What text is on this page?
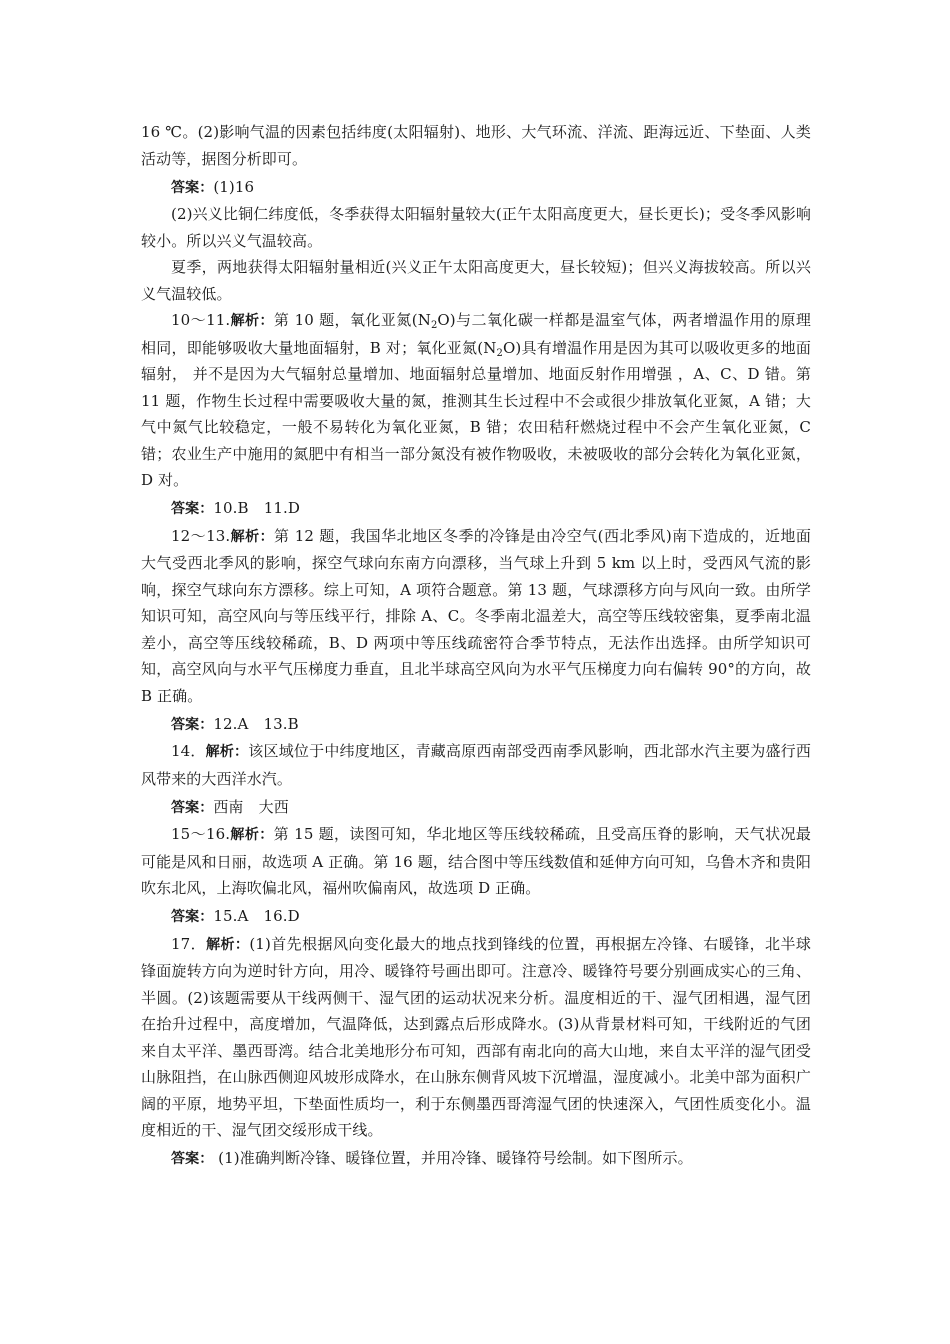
16 ℃。(2)影响气温的因素包括纬度(太阳辐射)、地形、大气环流、洋流、距海远近、下垫面、人类活动等，据图分析即可。

答案：(1)16

(2)兴义比铜仁纬度低，冬季获得太阳辐射量较大(正午太阳高度更大，昼长更长)；受冬季风影响较小。所以兴义气温较高。

夏季，两地获得太阳辐射量相近(兴义正午太阳高度更大，昼长较短)；但兴义海拔较高。所以兴义气温较低。

10～11.解析：第 10 题，氧化亚氮$(N_2O)$与二氧化碳一样都是温室气体，两者增温作用的原理相同，即能够吸收大量地面辐射，B 对；氧化亚氮$(N_2O)$具有增温作用是因为其可以吸收更多的地面辐射， 并不是因为大气辐射总量增加、地面辐射总量增加、地面反射作用增强 ，A、C、D 错。第 11 题，作物生长过程中需要吸收大量的氮，推测其生长过程中不会或很少排放氧化亚氮，A 错；大气中氮气比较稳定，一般不易转化为氧化亚氮，B 错；农田秸秆燃烧过程中不会产生氧化亚氮，C 错；农业生产中施用的氮肥中有相当一部分氮没有被作物吸收，未被吸收的部分会转化为氧化亚氮，D 对。

答案：10.B　11.D

12～13.解析：第 12 题，我国华北地区冬季的冷锋是由冷空气(西北季风)南下造成的，近地面大气受西北季风的影响，探空气球向东南方向漂移，当气球上升到 5 km 以上时，受西风气流的影响，探空气球向东方漂移。综上可知，A 项符合题意。第 13 题，气球漂移方向与风向一致。由所学知识可知，高空风向与等压线平行，排除 A、C。冬季南北温差大，高空等压线较密集，夏季南北温差小，高空等压线较稀疏，B、D 两项中等压线疏密符合季节特点，无法作出选择。由所学知识可知，高空风向与水平气压梯度力垂直，且北半球高空风向为水平气压梯度力向右偏转 90°的方向，故 B 正确。

答案：12.A　13.B

14．解析：该区域位于中纬度地区，青藏高原西南部受西南季风影响，西北部水汽主要为盛行西风带来的大西洋水汽。

答案：西南　大西

15～16.解析：第 15 题，读图可知，华北地区等压线较稀疏，且受高压脊的影响，天气状况最可能是风和日丽，故选项 A 正确。第 16 题，结合图中等压线数值和延伸方向可知，乌鲁木齐和贵阳吹东北风，上海吹偏北风，福州吹偏南风，故选项 D 正确。

答案：15.A　16.D

17．解析：(1)首先根据风向变化最大的地点找到锋线的位置，再根据左冷锋、右暖锋，北半球锋面旋转方向为逆时针方向，用冷、暖锋符号画出即可。注意冷、暖锋符号要分别画成实心的三角、半圆。(2)该题需要从干线两侧干、湿气团的运动状况来分析。温度相近的干、湿气团相遇，湿气团在抬升过程中，高度增加，气温降低，达到露点后形成降水。(3)从背景材料可知，干线附近的气团来自太平洋、墨西哥湾。结合北美地形分布可知，西部有南北向的高大山地，来自太平洋的湿气团受山脉阻挡，在山脉西侧迎风坡形成降水，在山脉东侧背风坡下沉增温，湿度减小。北美中部为面积广阔的平原，地势平坦，下垫面性质均一，利于东侧墨西哥湾湿气团的快速深入，气团性质变化小。温度相近的干、湿气团交绥形成干线。

答案： (1)准确判断冷锋、暖锋位置，并用冷锋、暖锋符号绘制。如下图所示。
